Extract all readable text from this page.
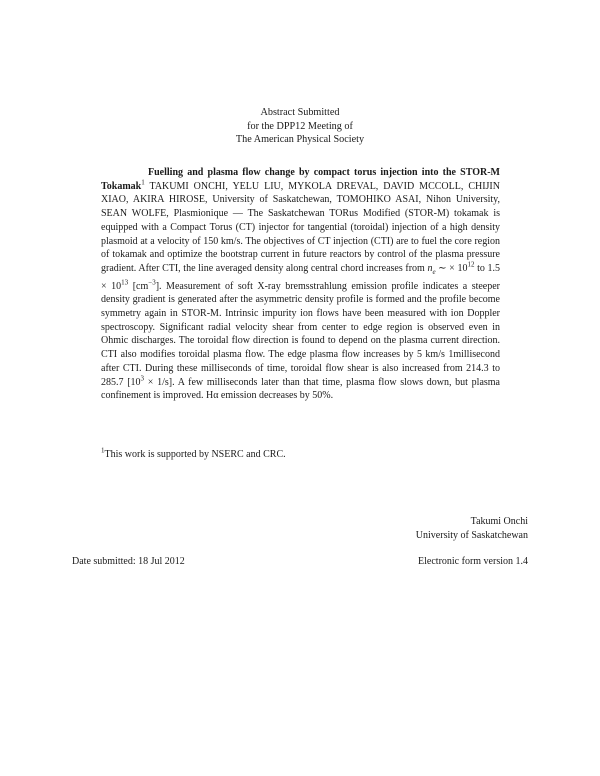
Abstract Submitted
for the DPP12 Meeting of
The American Physical Society

Fuelling and plasma flow change by compact torus injection into the STOR-M Tokamak$^1$ TAKUMI ONCHI, YELU LIU, MYKOLA DREVAL, DAVID MCCOLL, CHIJIN XIAO, AKIRA HIROSE, University of Saskatchewan, TOMOHIKO ASAI, Nihon University, SEAN WOLFE, Plasmionique — The Saskatchewan TORus Modified (STOR-M) tokamak is equipped with a Compact Torus (CT) injector for tangential (toroidal) injection of a high density plasmoid at a velocity of 150 km/s. The objectives of CT injection (CTI) are to fuel the core region of tokamak and optimize the bootstrap current in future reactors by control of the plasma pressure gradient. After CTI, the line averaged density along central chord increases from $n_e$ ∼ × $10^{12}$ to $1.5 \times 10^{13}$ $[cm^{-3}]$. Measurement of soft X-ray bremsstrahlung emission profile indicates a steeper density gradient is generated after the asymmetric density profile is formed and the profile become symmetry again in STOR-M. Intrinsic impurity ion flows have been measured with ion Doppler spectroscopy. Significant radial velocity shear from center to edge region is observed even in Ohmic discharges. The toroidal flow direction is found to depend on the plasma current direction. CTI also modifies toroidal plasma flow. The edge plasma flow increases by 5 km/s 1millisecond after CTI. During these milliseconds of time, toroidal flow shear is also increased from 214.3 to 285.7 $[10^3 \times 1/s]$. A few milliseconds later than that time, plasma flow slows down, but plasma confinement is improved. Hα emission decreases by 50%.

$^1$This work is supported by NSERC and CRC.
Takumi Onchi
University of Saskatchewan
Date submitted: 18 Jul 2012	Electronic form version 1.4
